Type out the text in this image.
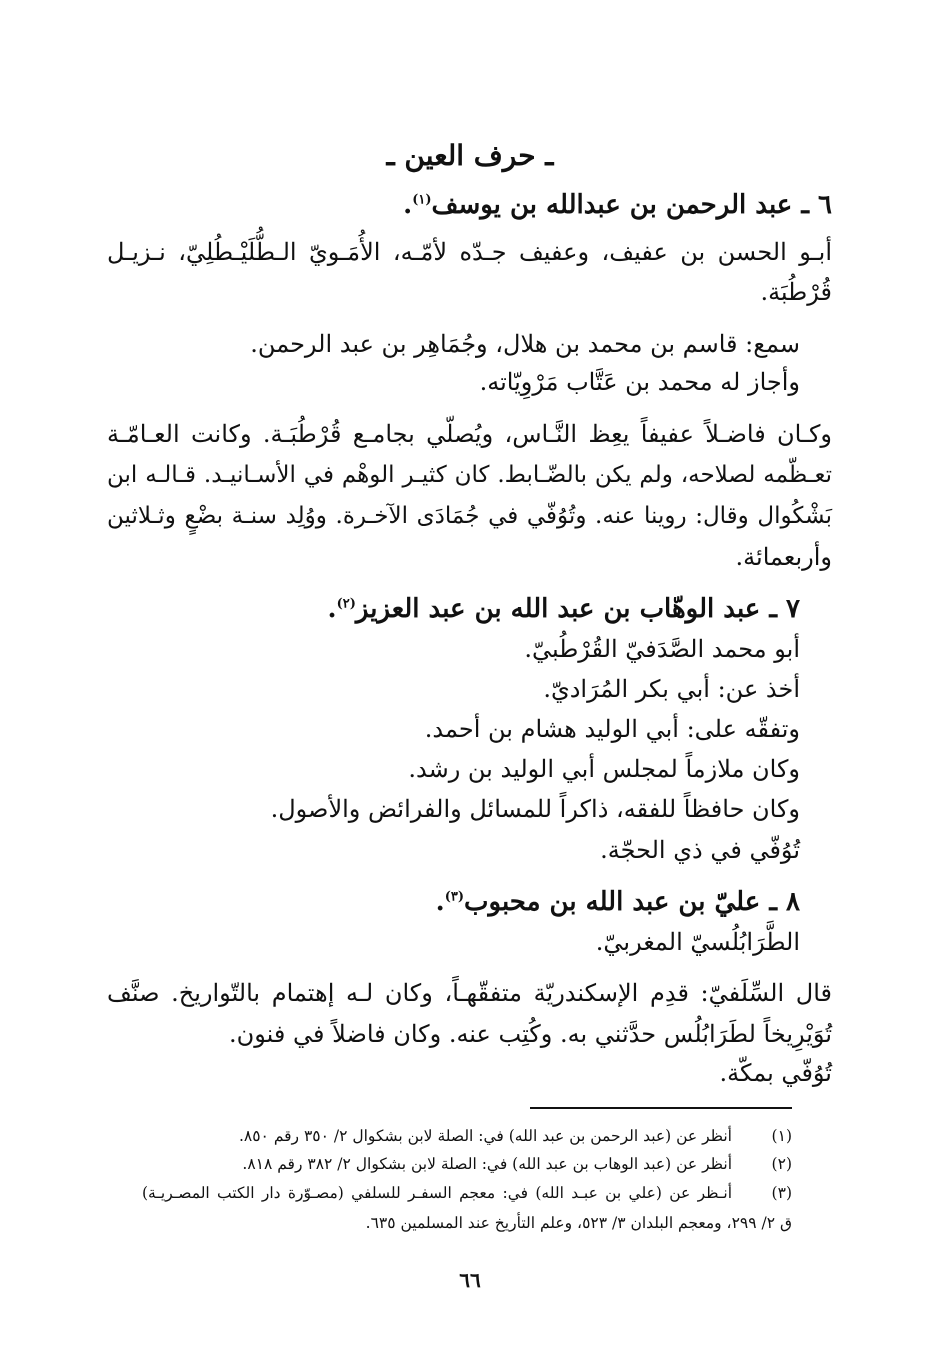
ـ حرف العين ـ
٦ ـ عبد الرحمن بن عبدالله بن يوسف$^{(١)}$.
أبـو الحسن بن عفيف، وعفيف جـدّه لأمّـه، الأُمَـويّ الـطُّلَيْـطُلِيّ، نـزيـل
قُرْطُبَة.
سمع: قاسم بن محمد بن هلال، وجُمَاهِر بن عبد الرحمن.
وأجاز له محمد بن عَتَّاب مَرْوِيّاته.
وكـان فاضـلاً عفيفاً يعِظ النَّـاس، ويُصلّي بجامـع قُرْطُبَـة. وكانت العـامّـة
تعـظّمه لصلاحه، ولم يكن بالضّـابط. كان كثيـر الوهْم في الأسـانيـد. قـالـه ابن
بَشْكُوال وقال: روينا عنه. وتُوُفّي في جُمَادَى الآخـرة. ووُلِد سنـة بضْعٍ وثـلاثين
وأربعمائة.
٧ ـ عبد الوهّاب بن عبد الله بن عبد العزيز$^{(٢)}$.
أبو محمد الصَّدَفيّ القُرْطُبيّ.
أخذ عن: أبي بكر المُرَاديّ.
وتفقّه على: أبي الوليد هشام بن أحمد.
وكان ملازماً لمجلس أبي الوليد بن رشد.
وكان حافظاً للفقه، ذاكراً للمسائل والفرائض والأصول.
تُوُفّي في ذي الحجّة.
٨ ـ عليّ بن عبد الله بن محبوب$^{(٣)}$.
الطَّرَابُلُسيّ المغربيّ.
قال السِّلَفيّ: قدِم الإسكندريّة متفقّهـاً، وكان لـه إهتمام بالتّواريخ. صنَّف
تُوَيْرِيخاً لطَرَابُلُس حدَّثني به. وكُتِب عنه. وكان فاضلاً في فنون.
تُوُفّي بمكّة.
(١)
أنظر عن (عبد الرحمن بن عبد الله) في: الصلة لابن بشكوال ٢/ ٣٥٠ رقم ٨٥٠.
(٢)
أنظر عن (عبد الوهاب بن عبد الله) في: الصلة لابن بشكوال ٢/ ٣٨٢ رقم ٨١٨.
(٣)
أنـظر عن (علي بن عبـد الله) في: معجم السفـر للسلفي (مصـوّرة دار الكتب المصـريـة)
ق ٢/ ٢٩٩، ومعجم البلدان ٣/ ٥٢٣، وعلم التأريخ عند المسلمين ٦٣٥.
٦٦
